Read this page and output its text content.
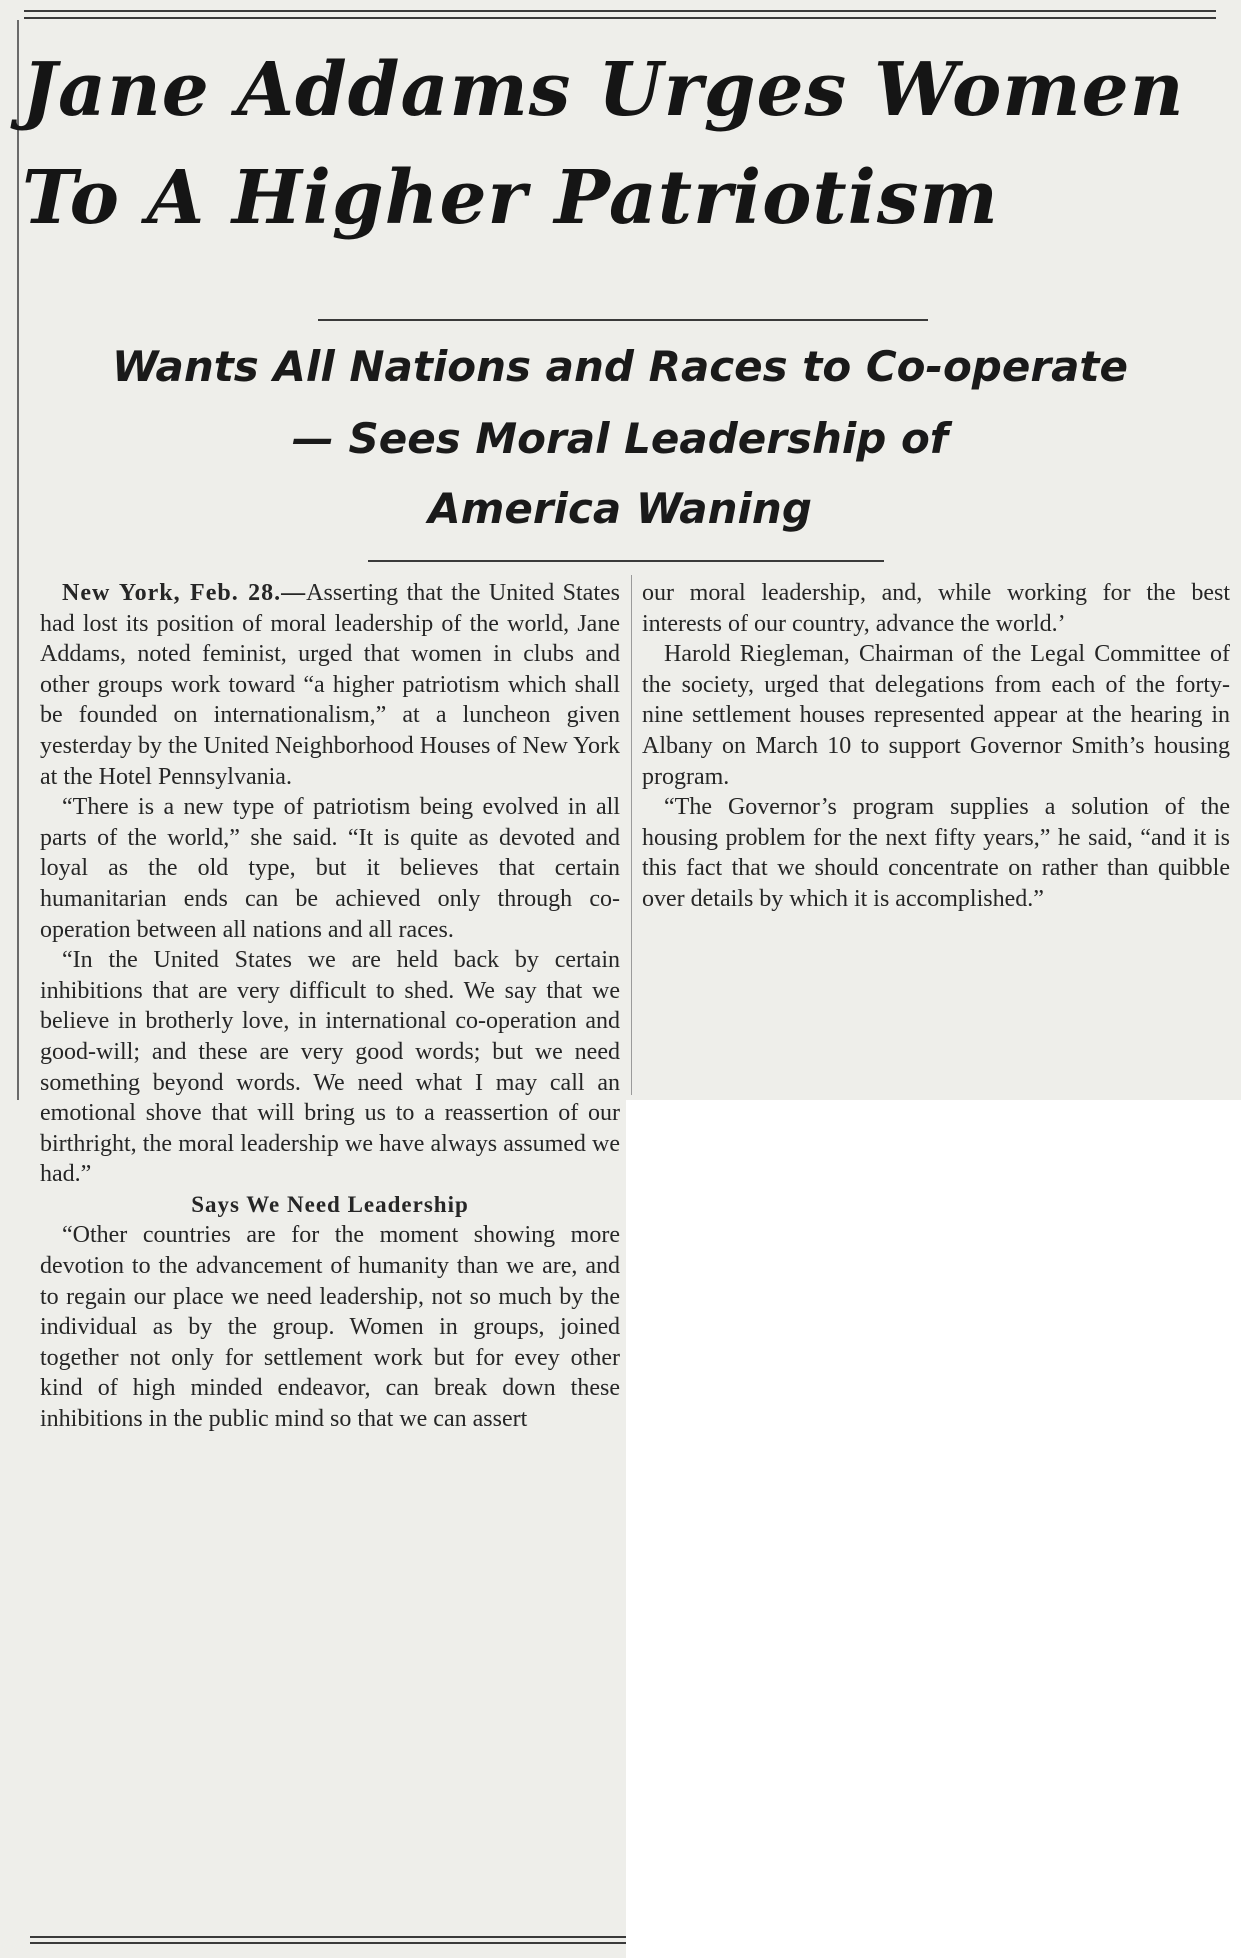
Jane Addams Urges Women
To A Higher Patriotism
Wants All Nations and Races to Co-operate
— Sees Moral Leadership of
America Waning

New York, Feb. 28.—Asserting that the United States had lost its position of moral leadership of the world, Jane Addams, noted feminist, urged that women in clubs and other groups work toward “a higher patriotism which shall be founded on internationalism,” at a luncheon given yesterday by the United Neighborhood Houses of New York at the Hotel Pennsylvania.

“There is a new type of patriotism being evolved in all parts of the world,” she said. “It is quite as devoted and loyal as the old type, but it believes that certain humanitarian ends can be achieved only through co-operation between all nations and all races.

“In the United States we are held back by certain inhibitions that are very difficult to shed. We say that we believe in brotherly love, in international co-operation and good-will; and these are very good words; but we need something beyond words. We need what I may call an emotional shove that will bring us to a reassertion of our birthright, the moral leadership we have always assumed we had.”

Says We Need Leadership

“Other countries are for the moment showing more devotion to the advancement of humanity than we are, and to regain our place we need leadership, not so much by the individual as by the group. Women in groups, joined together not only for settlement work but for evey other kind of high minded endeavor, can break down these inhibitions in the public mind so that we can assert

our moral leadership, and, while working for the best interests of our country, advance the world.’

Harold Riegleman, Chairman of the Legal Committee of the society, urged that delegations from each of the forty-nine settlement houses represented appear at the hearing in Albany on March 10 to support Governor Smith’s housing program.

“The Governor’s program supplies a solution of the housing problem for the next fifty years,” he said, “and it is this fact that we should concentrate on rather than quibble over details by which it is accomplished.”
